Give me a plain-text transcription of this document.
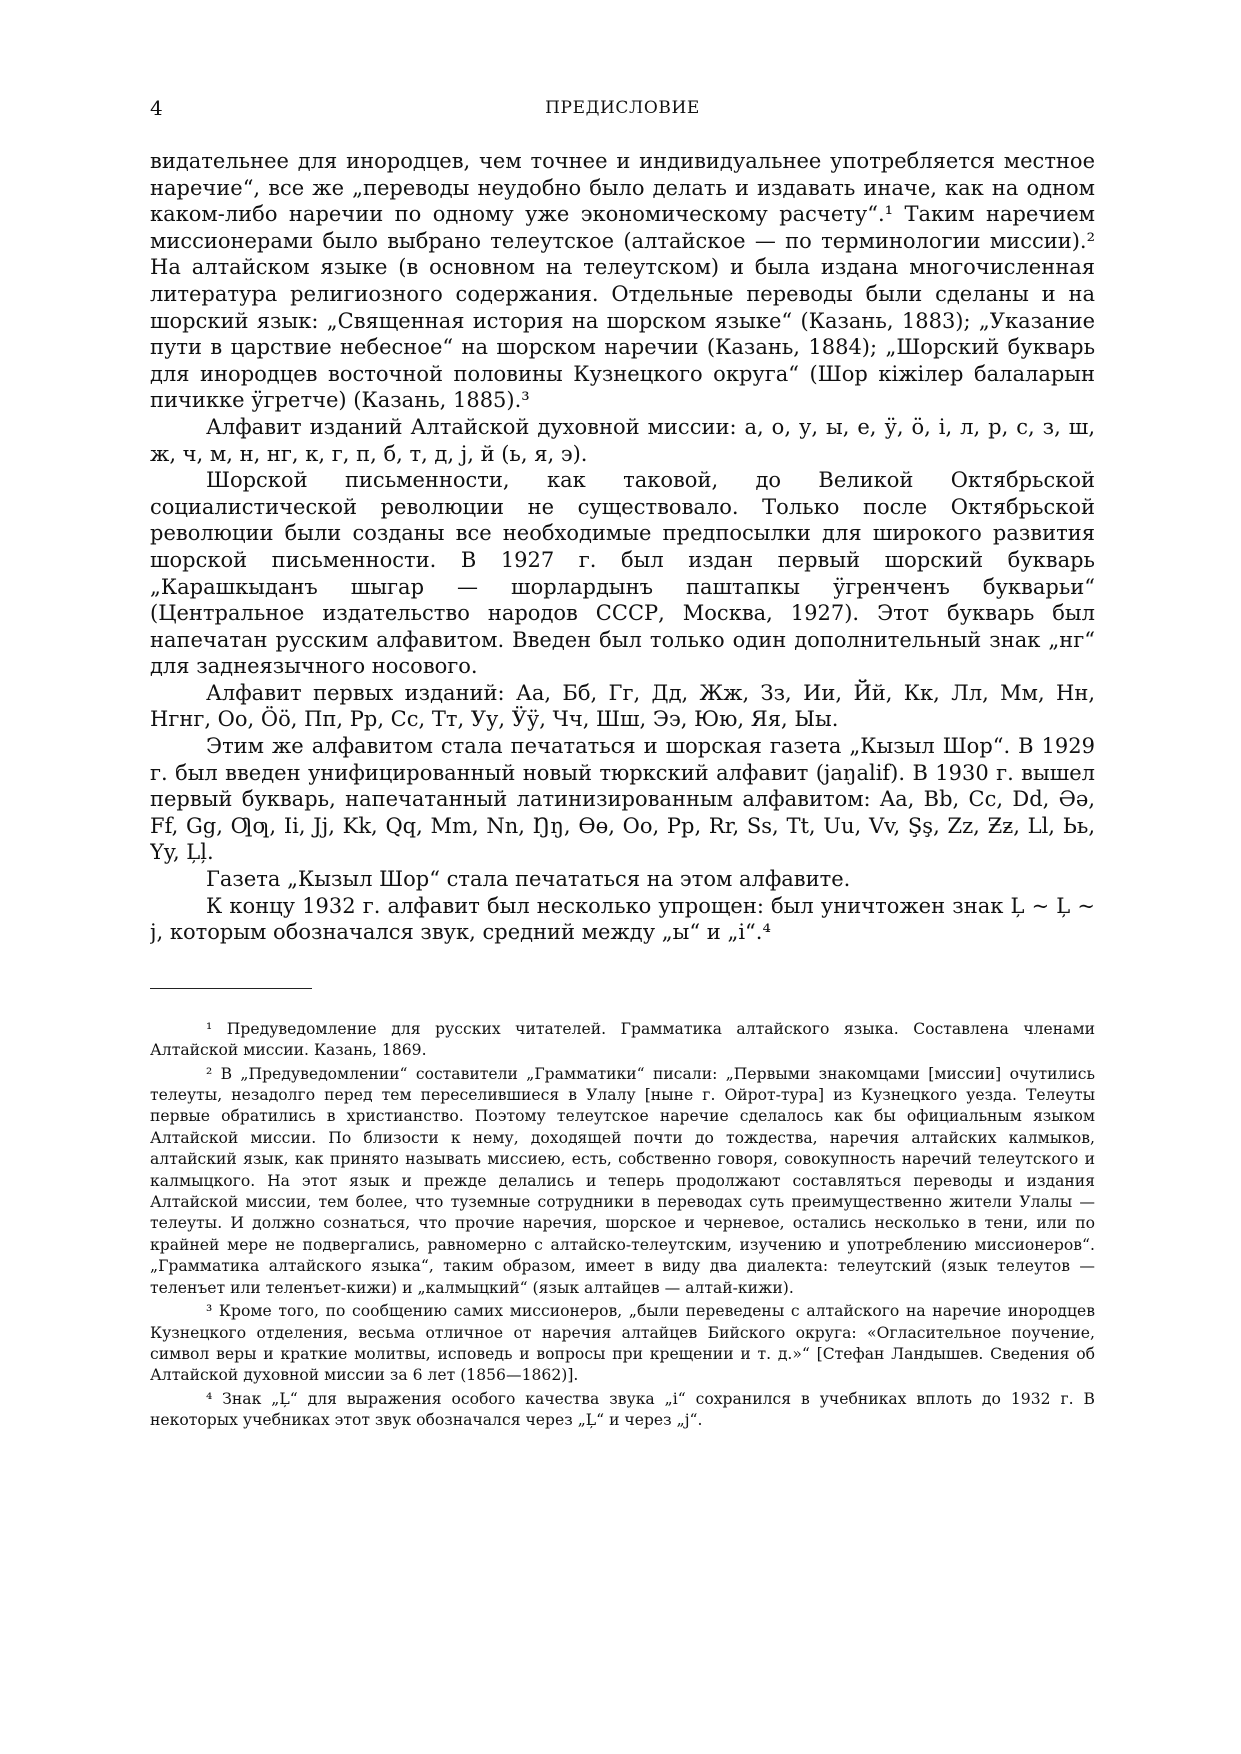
4	ПРЕДИСЛОВИЕ

видательнее для инородцев, чем точнее и индивидуальнее употребляется местное наречие“, все же „переводы неудобно было делать и издавать иначе, как на одном каком-либо наречии по одному уже экономическому расчету“.¹ Таким наречием миссионерами было выбрано телеутское (алтайское — по терминологии миссии).² На алтайском языке (в основном на телеутском) и была издана многочисленная литература религиозного содержания. Отдельные переводы были сделаны и на шорский язык: „Священная история на шорском языке“ (Казань, 1883); „Указание пути в царствие небесное“ на шорском наречии (Казань, 1884); „Шорский букварь для инородцев восточной половины Кузнецкого округа“ (Шор кiжiлер балаларын пичикке ӱгретче) (Казань, 1885).³

Алфавит изданий Алтайской духовной миссии: а, о, у, ы, е, ӱ, ӧ, i, л, р, с, з, ш, ж, ч, м, н, нг, к, г, п, б, т, д, j, й (ь, я, э).

Шорской письменности, как таковой, до Великой Октябрьской социалистической революции не существовало. Только после Октябрьской революции были созданы все необходимые предпосылки для широкого развития шорской письменности. В 1927 г. был издан первый шорский букварь „Карашкыданъ шыгар — шорлардынъ пaштaпкы ӱгренченъ букварьи“ (Центральное издательство народов СССР, Москва, 1927). Этот букварь был напечатан русским алфавитом. Введен был только один дополнительный знак „нг“ для заднеязычного носового.

Алфавит первых изданий: Аа, Бб, Гг, Дд, Жж, Зз, Ии, Йй, Кк, Лл, Мм, Нн, Нгнг, Оо, Ӧӧ, Пп, Рр, Сс, Тт, Уу, Ӱӱ, Чч, Шш, Ээ, Юю, Яя, Ыы.

Этим же алфавитом стала печататься и шорская газета „Кызыл Шор“. В 1929 г. был введен унифицированный новый тюркский алфавит (jaŋalif). В 1930 г. вышел первый букварь, напечатанный латинизированным алфавитом: Aa, Bb, Cc, Dd, Əə, Ff, Gg, Ƣƣ, Ii, Jj, Kk, Qq, Mm, Nn, Ŋŋ, Өө, Oo, Pp, Rr, Ss, Tt, Uu, Vv, Şş, Zz, Ƶƶ, Ll, Ьь, Yy, Ļļ.

Газета „Кызыл Шор“ стала печататься на этом алфавите.

К концу 1932 г. алфавит был несколько упрощен: был уничтожен знак Ļ ~ Ļ ~ j, которым обозначался звук, средний между „ы“ и „i“.⁴

¹ Предуведомление для русских читателей. Грамматика алтайского языка. Составлена членами Алтайской миссии. Казань, 1869.

² В „Предуведомлении“ составители „Грамматики“ писали: „Первыми знакомцами [миссии] очутились телеуты, незадолго перед тем переселившиеся в Улалу [ныне г. Ойрот-тура] из Кузнецкого уезда. Телеуты первые обратились в христианство. Поэтому телеутское наречие сделалось как бы официальным языком Алтайской миссии. По близости к нему, доходящей почти до тождества, наречия алтайских калмыков, алтайский язык, как принято называть миссиею, есть, собственно говоря, совокупность наречий телеутского и калмыцкого. На этот язык и прежде делались и теперь продолжают составляться переводы и издания Алтайской миссии, тем более, что туземные сотрудники в переводах суть преимущественно жители Улалы — телеуты. И должно сознаться, что прочие наречия, шорское и черневое, остались несколько в тени, или по крайней мере не подвергались, равномерно с алтайско-телеутским, изучению и употреблению миссионеров“. „Грамматика алтайского языка“, таким образом, имеет в виду два диалекта: телеутский (язык телеутов — теленъет или теленъет-кижи) и „калмыцкий“ (язык алтайцев — алтай-кижи).

³ Кроме того, по сообщению самих миссионеров, „были переведены с алтайского на наречие инородцев Кузнецкого отделения, весьма отличное от наречия алтайцев Бийского округа: «Огласительное поучение, символ веры и краткие молитвы, исповедь и вопросы при крещении и т. д.»“ [Стефан Ландышев. Сведения об Алтайской духовной миссии за 6 лет (1856—1862)].

⁴ Знак „Ļ“ для выражения особого качества звука „i“ сохранился в учебниках вплоть до 1932 г. В некоторых учебниках этот звук обозначался через „Ļ“ и через „j“.
